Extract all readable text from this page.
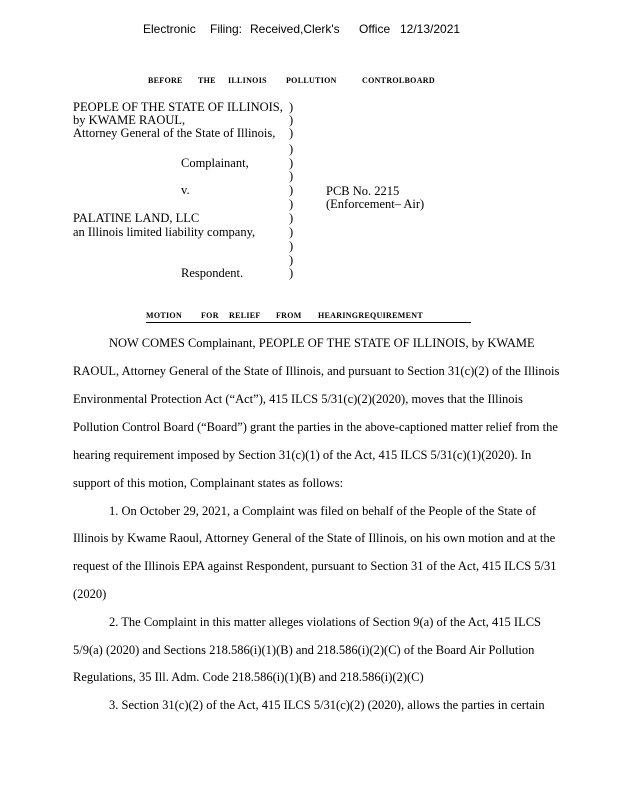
Electronic Filing: Received,Clerk's Office 12/13/2021
BEFORE THE ILLINOIS POLLUTION	CONTROLBOARD
PEOPLE OF THE STATE OF ILLINOIS,
by KWAME RAOUL,
Attorney General of the State of Illinois,
Complainant,
v.
PALATINE LAND, LLC
an Illinois limited liability company,
Respondent.
PCB No. 2215
(Enforcement– Air)
)
)
)
)
)
)
)
)
)
)
)
)
)
MOTION FOR RELIEF FROM HEARINGREQUIREMENT
NOW COMES Complainant, PEOPLE OF THE STATE OF ILLINOIS, by KWAME
RAOUL, Attorney General of the State of Illinois, and pursuant to Section 31(c)(2) of the Illinois
Environmental Protection Act (“Act”), 415 ILCS 5/31(c)(2)(2020), moves that the Illinois
Pollution Control Board (“Board”) grant the parties in the above-captioned matter relief from the
hearing requirement imposed by Section 31(c)(1) of the Act, 415 ILCS 5/31(c)(1)(2020). In
support of this motion, Complainant states as follows:
1. On October 29, 2021, a Complaint was filed on behalf of the People of the State of
Illinois by Kwame Raoul, Attorney General of the State of Illinois, on his own motion and at the
request of the Illinois EPA against Respondent, pursuant to Section 31 of the Act, 415 ILCS 5/31
(2020)
2. The Complaint in this matter alleges violations of Section 9(a) of the Act, 415 ILCS
5/9(a) (2020) and Sections 218.586(i)(1)(B) and 218.586(i)(2)(C) of the Board Air Pollution
Regulations, 35 Ill. Adm. Code 218.586(i)(1)(B) and 218.586(i)(2)(C)
3. Section 31(c)(2) of the Act, 415 ILCS 5/31(c)(2) (2020), allows the parties in certain
